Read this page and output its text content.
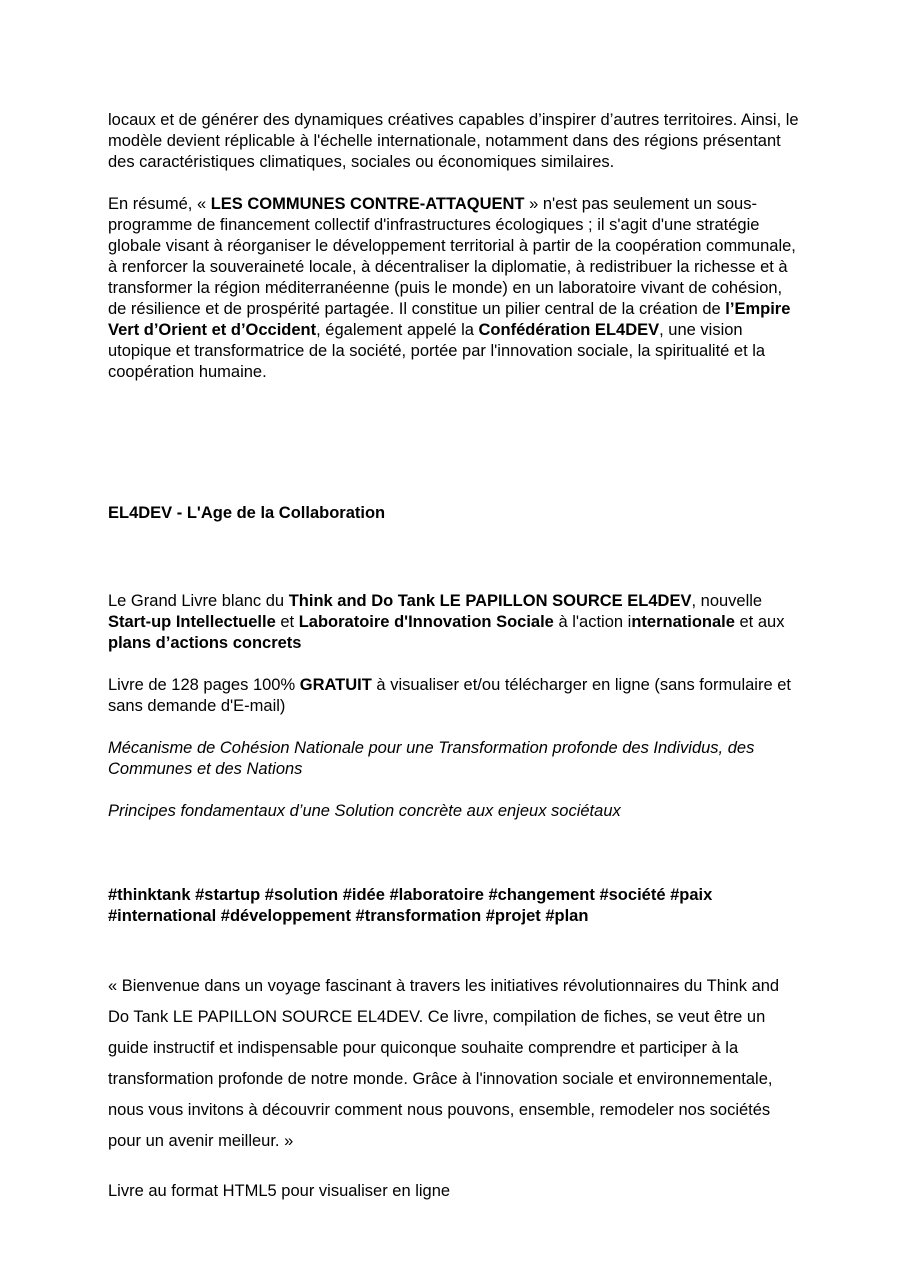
locaux et de générer des dynamiques créatives capables d’inspirer d’autres territoires. Ainsi, le modèle devient réplicable à l'échelle internationale, notamment dans des régions présentant des caractéristiques climatiques, sociales ou économiques similaires.

En résumé, « LES COMMUNES CONTRE-ATTAQUENT » n'est pas seulement un sous-programme de financement collectif d'infrastructures écologiques ; il s'agit d'une stratégie globale visant à réorganiser le développement territorial à partir de la coopération communale, à renforcer la souveraineté locale, à décentraliser la diplomatie, à redistribuer la richesse et à transformer la région méditerranéenne (puis le monde) en un laboratoire vivant de cohésion, de résilience et de prospérité partagée. Il constitue un pilier central de la création de l’Empire Vert d’Orient et d’Occident, également appelé la Confédération EL4DEV, une vision utopique et transformatrice de la société, portée par l'innovation sociale, la spiritualité et la coopération humaine.

EL4DEV - L'Age de la Collaboration

Le Grand Livre blanc du Think and Do Tank LE PAPILLON SOURCE EL4DEV, nouvelle Start-up Intellectuelle et Laboratoire d'Innovation Sociale à l'action internationale et aux plans d’actions concrets

Livre de 128 pages 100% GRATUIT à visualiser et/ou télécharger en ligne (sans formulaire et sans demande d'E-mail)

Mécanisme de Cohésion Nationale pour une Transformation profonde des Individus, des Communes et des Nations

Principes fondamentaux d’une Solution concrète aux enjeux sociétaux

#thinktank #startup #solution #idée #laboratoire #changement #société #paix #international #développement #transformation #projet #plan

« Bienvenue dans un voyage fascinant à travers les initiatives révolutionnaires du Think and Do Tank LE PAPILLON SOURCE EL4DEV. Ce livre, compilation de fiches, se veut être un guide instructif et indispensable pour quiconque souhaite comprendre et participer à la transformation profonde de notre monde. Grâce à l'innovation sociale et environnementale, nous vous invitons à découvrir comment nous pouvons, ensemble, remodeler nos sociétés pour un avenir meilleur. »

Livre au format HTML5 pour visualiser en ligne
